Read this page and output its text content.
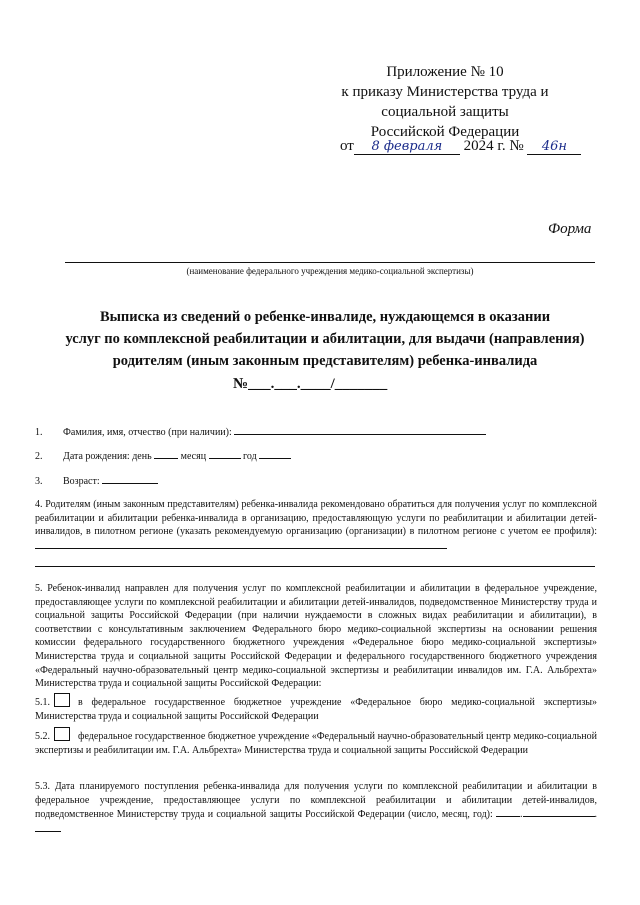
Приложение № 10
к приказу Министерства труда и
социальной защиты
Российской Федерации
от 8 февраля 2024 г. № 46н
Форма
(наименование федерального учреждения медико-социальной экспертизы)
Выписка из сведений о ребенке-инвалиде, нуждающемся в оказании
услуг по комплексной реабилитации и абилитации, для выдачи (направления)
родителям (иным законным представителям) ребенка-инвалида
№___.___.____/_______
1. Фамилия, имя, отчество (при наличии):
2. Дата рождения: день	месяц	год
3. Возраст:
4. Родителям (иным законным представителям) ребенка-инвалида рекомендовано обратиться для получения услуг по комплексной реабилитации и абилитации ребенка-инвалида в организацию, предоставляющую услуги по реабилитации и абилитации детей-инвалидов, в пилотном регионе (указать рекомендуемую организацию (организации) в пилотном регионе с учетом ее профиля):
5. Ребенок-инвалид направлен для получения услуг по комплексной реабилитации и абилитации в федеральное учреждение, предоставляющее услуги по комплексной реабилитации и абилитации детей-инвалидов, подведомственное Министерству труда и социальной защиты Российской Федерации (при наличии нуждаемости в сложных видах реабилитации и абилитации), в соответствии с консультативным заключением Федерального бюро медико-социальной экспертизы на основании решения комиссии федерального государственного бюджетного учреждения «Федеральное бюро медико-социальной экспертизы» Министерства труда и социальной защиты Российской Федерации и федерального государственного бюджетного учреждения «Федеральный научно-образовательный центр медико-социальной экспертизы и реабилитации инвалидов им. Г.А. Альбрехта» Министерства труда и социальной защиты Российской Федерации:
5.1.	в федеральное государственное бюджетное учреждение «Федеральное бюро медико-социальной экспертизы» Министерства труда и социальной защиты Российской Федерации
5.2.	федеральное государственное бюджетное учреждение «Федеральный научно-образовательный центр медико-социальной экспертизы и реабилитации им. Г.А. Альбрехта» Министерства труда и социальной защиты Российской Федерации
5.3. Дата планируемого поступления ребенка-инвалида для получения услуги по комплексной реабилитации и абилитации в федеральное учреждение, предоставляющее услуги по комплексной реабилитации и абилитации детей-инвалидов, подведомственное Министерству труда и социальной защиты Российской Федерации (число, месяц, год):	.	.
